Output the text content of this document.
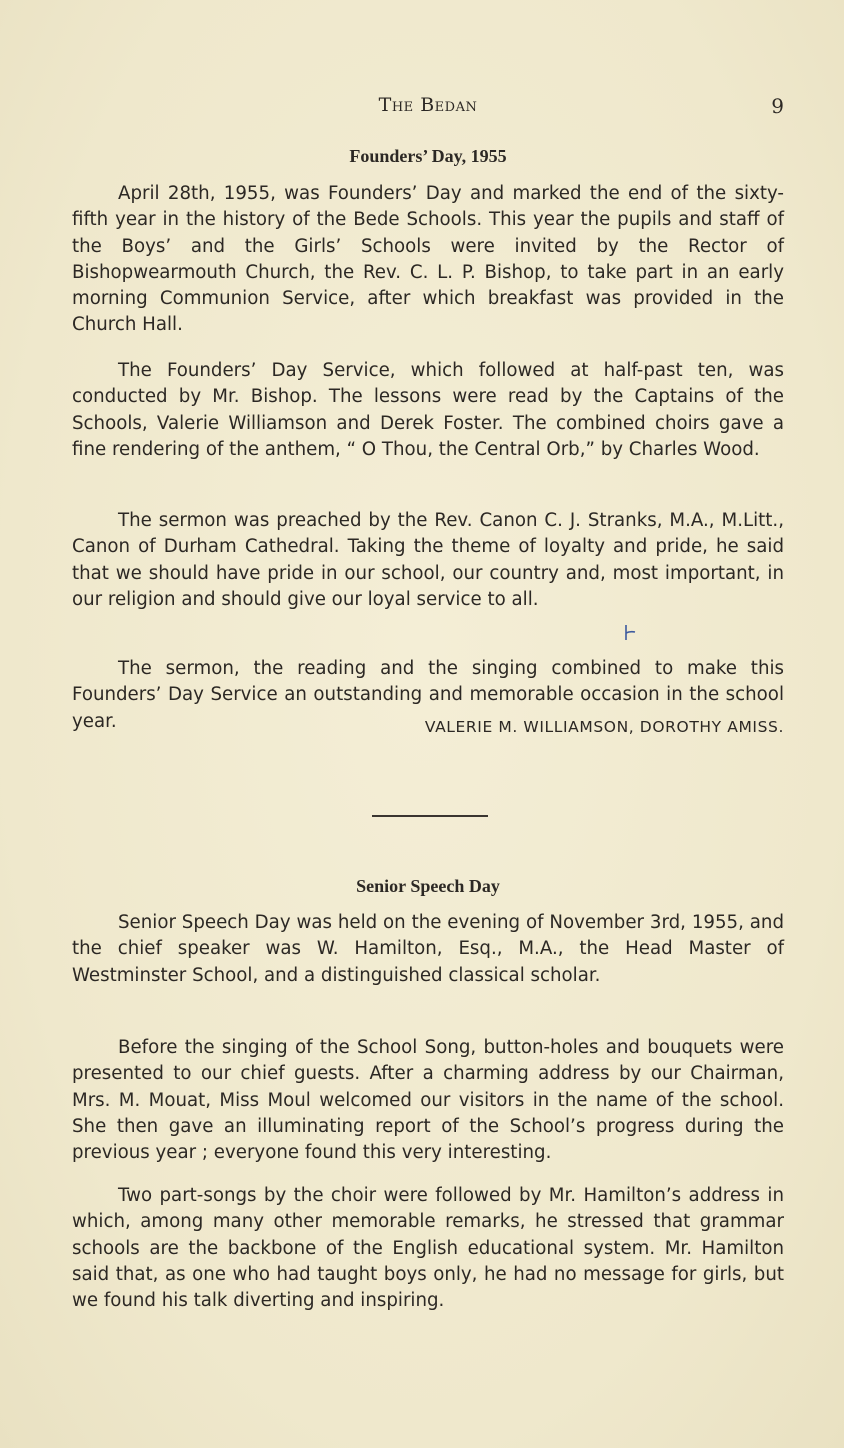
The Bedan	9
Founders’ Day, 1955

April 28th, 1955, was Founders’ Day and marked the end of the sixty-fifth year in the history of the Bede Schools. This year the pupils and staff of the Boys’ and the Girls’ Schools were invited by the Rector of Bishopwearmouth Church, the Rev. C. L. P. Bishop, to take part in an early morning Communion Service, after which breakfast was provided in the Church Hall.

The Founders’ Day Service, which followed at half-past ten, was conducted by Mr. Bishop. The lessons were read by the Captains of the Schools, Valerie Williamson and Derek Foster. The combined choirs gave a fine rendering of the anthem, “ O Thou, the Central Orb,” by Charles Wood.

The sermon was preached by the Rev. Canon C. J. Stranks, M.A., M.Litt., Canon of Durham Cathedral. Taking the theme of loyalty and pride, he said that we should have pride in our school, our country and, most important, in our religion and should give our loyal service to all.

The sermon, the reading and the singing combined to make this Founders’ Day Service an outstanding and memorable occasion in the school year.	VALERIE M. WILLIAMSON, DOROTHY AMISS.
Senior Speech Day

Senior Speech Day was held on the evening of November 3rd, 1955, and the chief speaker was W. Hamilton, Esq., M.A., the Head Master of Westminster School, and a distinguished classical scholar.

Before the singing of the School Song, button-holes and bouquets were presented to our chief guests. After a charming address by our Chairman, Mrs. M. Mouat, Miss Moul welcomed our visitors in the name of the school. She then gave an illuminating report of the School’s progress during the previous year ; everyone found this very interesting.

Two part-songs by the choir were followed by Mr. Hamilton’s address in which, among many other memorable remarks, he stressed that grammar schools are the backbone of the English educational system. Mr. Hamilton said that, as one who had taught boys only, he had no message for girls, but we found his talk diverting and inspiring.
